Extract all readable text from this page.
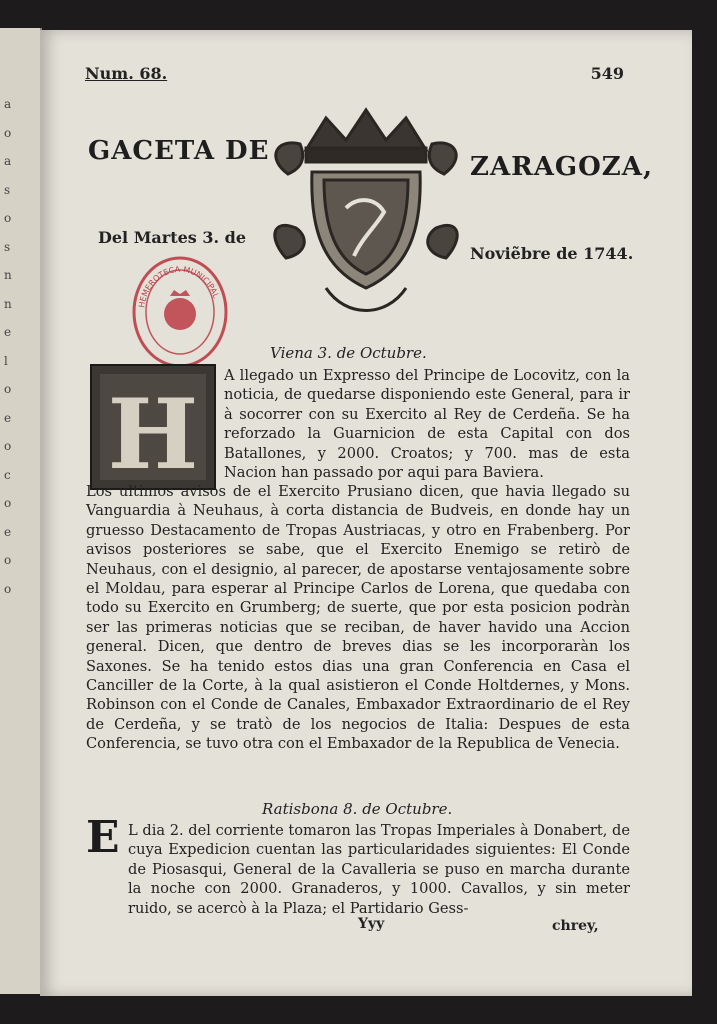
a
o
a
s
o
s
n
n
e
l
o
e
o
c
o
e
o
o
Num. 68.	549
GACETA DE
ZARAGOZA,
Del Martes 3. de
Noviẽbre de 1744.
HEMEROTECA MUNICIPAL
Viena 3. de Octubre.
H

A llegado un Expresso del Principe de Locovitz, con la noticia, de quedarse disponiendo este General, para ir à socorrer con su Exercito al Rey de Cerdeña. Se ha reforzado la Guarnicion de esta Capital con dos Batallones, y 2000. Croatos; y 700. mas de esta Nacion han passado por aqui para Baviera.

Los ultimos avisos de el Exercito Prusiano dicen, que havia llegado su Vanguardia à Neuhaus, à corta distancia de Budveis, en donde hay un gruesso Destacamento de Tropas Austriacas, y otro en Frabenberg. Por avisos posteriores se sabe, que el Exercito Enemigo se retirò de Neuhaus, con el designio, al parecer, de apostarse ventajosamente sobre el Moldau, para esperar al Principe Carlos de Lorena, que quedaba con todo su Exercito en Grumberg; de suerte, que por esta posicion podràn ser las primeras noticias que se reciban, de haver havido una Accion general. Dicen, que dentro de breves dias se les incorporaràn los Saxones. Se ha tenido estos dias una gran Conferencia en Casa el Canciller de la Corte, à la qual asistieron el Conde Holtdernes, y Mons. Robinson con el Conde de Canales, Embaxador Extraordinario de el Rey de Cerdeña, y se tratò de los negocios de Italia: Despues de esta Conferencia, se tuvo otra con el Embaxador de la Republica de Venecia.

Ratisbona 8. de Octubre.
E L dia 2. del corriente tomaron las Tropas Imperiales à Donabert, de cuya Expedicion cuentan las particularidades siguientes: El Conde de Piosasqui, General de la Cavalleria se puso en marcha durante la noche con 2000. Granaderos, y 1000. Cavallos, y sin meter ruido, se acercò à la Plaza; el Partidario Gess-

Yyy	chrey,
